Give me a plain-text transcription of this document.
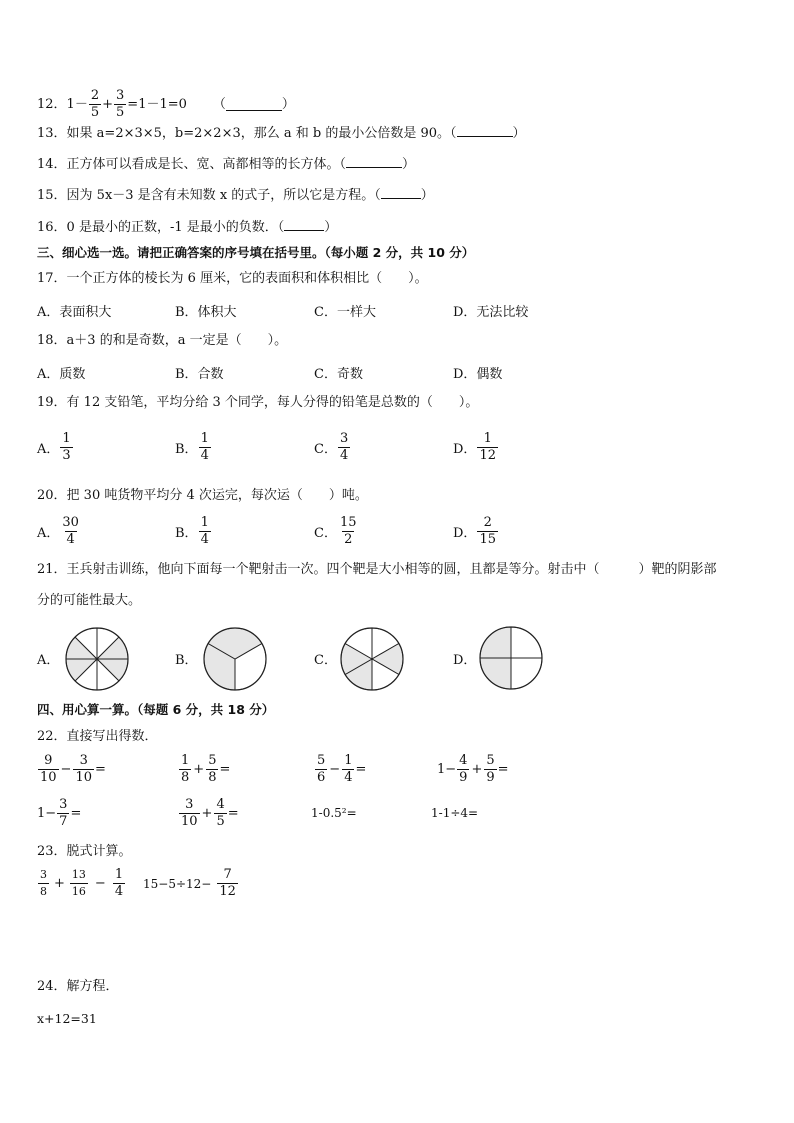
12． $1- \frac{2}{5} + \frac{3}{5} =1-1=0$ （	）
13．如果 a=2×3×5，b=2×2×3，那么 a 和 b 的最小公倍数是 90。（	）
14．正方体可以看成是长、宽、高都相等的长方体。（	）
15．因为 5x－3 是含有未知数 x 的式子，所以它是方程。（	）
16．0 是最小的正数，-1 是最小的负数．（	）
三、细心选一选。请把正确答案的序号填在括号里。（每小题 2 分，共 10 分）
17．一个正方体的棱长为 6 厘米，它的表面积和体积相比（　　）。
A．表面积大	B．体积大	C．一样大	D．无法比较
18．a＋3 的和是奇数，a 一定是（　　）。
A．质数	B．合数	C．奇数	D．偶数
19．有 12 支铅笔，平均分给 3 个同学，每人分得的铅笔是总数的（　　）。
A． $\frac{1}{3}$	B． $\frac{1}{4}$	C． $\frac{3}{4}$	D． $\frac{1}{12}$
20．把 30 吨货物平均分 4 次运完，每次运（　　）吨。
A． $\frac{30}{4}$	B． $\frac{1}{4}$	C． $\frac{15}{2}$	D． $\frac{2}{15}$
21．王兵射击训练，他向下面每一个靶射击一次。四个靶是大小相等的圆，且都是等分。射击中（　　　）靶的阴影部
分的可能性最大。
A．	B．	C．	D．
四、用心算一算。（每题 6 分，共 18 分）
22．直接写出得数．
$\frac{9}{10} - \frac{3}{10}$ =	$\frac{1}{8} + \frac{5}{8}$ =	$\frac{5}{6} - \frac{1}{4}$ =	$1- \frac{4}{9} + \frac{5}{9}$ =
$1- \frac{3}{7}$ =	$\frac{3}{10} + \frac{4}{5}$ =	1-0.5²=	1-1÷4=
23．脱式计算。
$\frac{3}{8} + \frac{13}{16} - \frac{1}{4} 15-5\div 12- \frac{7}{12}$
24．解方程．
x+12=31
